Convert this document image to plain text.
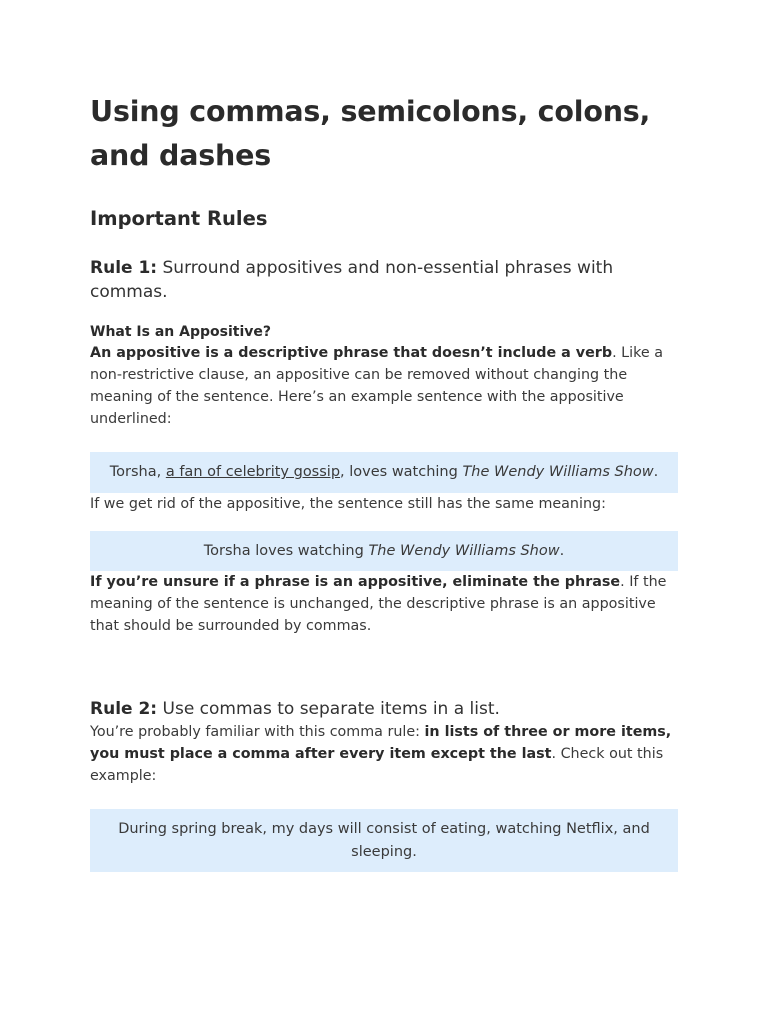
Using commas, semicolons, colons, and dashes
Important Rules

Rule 1: Surround appositives and non-essential phrases with commas.

What Is an Appositive?

An appositive is a descriptive phrase that doesn’t include a verb. Like a non-restrictive clause, an appositive can be removed without changing the meaning of the sentence. Here’s an example sentence with the appositive underlined:

Torsha, a fan of celebrity gossip, loves watching The Wendy Williams Show.

If we get rid of the appositive, the sentence still has the same meaning:

Torsha loves watching The Wendy Williams Show.

If you’re unsure if a phrase is an appositive, eliminate the phrase. If the meaning of the sentence is unchanged, the descriptive phrase is an appositive that should be surrounded by commas.

Rule 2: Use commas to separate items in a list.

You’re probably familiar with this comma rule: in lists of three or more items, you must place a comma after every item except the last. Check out this example:

During spring break, my days will consist of eating, watching Netflix, and sleeping.
